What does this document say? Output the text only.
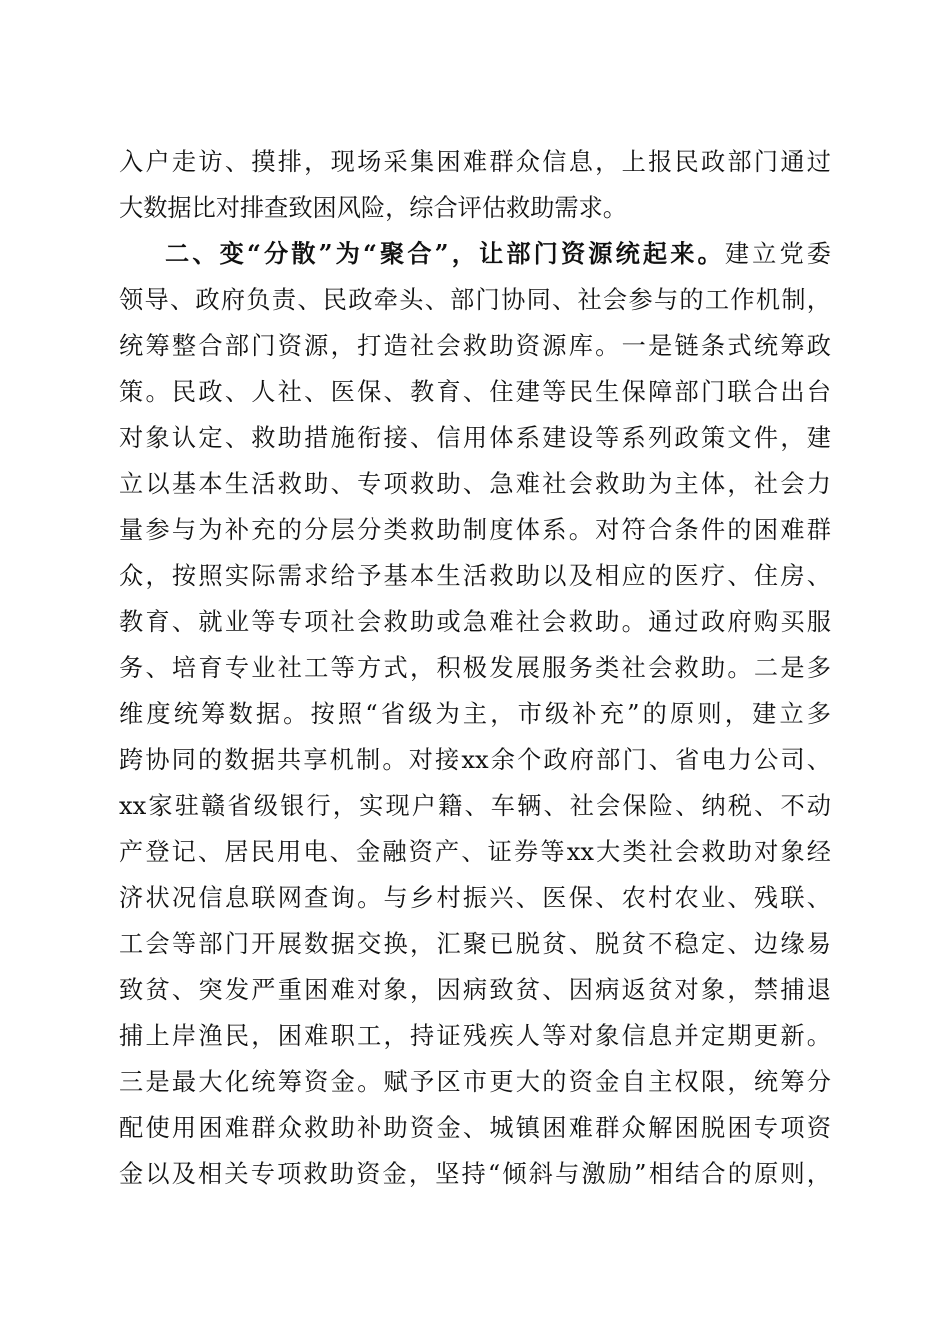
入户走访、摸排，现场采集困难群众信息，上报民政部门通过
大数据比对排查致困风险，综合评估救助需求。
二、变“分散”为“聚合”，让部门资源统起来。建立党委
领导、政府负责、民政牵头、部门协同、社会参与的工作机制，
统筹整合部门资源，打造社会救助资源库。一是链条式统筹政
策。民政、人社、医保、教育、住建等民生保障部门联合出台
对象认定、救助措施衔接、信用体系建设等系列政策文件，建
立以基本生活救助、专项救助、急难社会救助为主体，社会力
量参与为补充的分层分类救助制度体系。对符合条件的困难群
众，按照实际需求给予基本生活救助以及相应的医疗、住房、
教育、就业等专项社会救助或急难社会救助。通过政府购买服
务、培育专业社工等方式，积极发展服务类社会救助。二是多
维度统筹数据。按照“省级为主，市级补充”的原则，建立多
跨协同的数据共享机制。对接xx余个政府部门、省电力公司、
xx家驻赣省级银行，实现户籍、车辆、社会保险、纳税、不动
产登记、居民用电、金融资产、证券等xx大类社会救助对象经
济状况信息联网查询。与乡村振兴、医保、农村农业、残联、
工会等部门开展数据交换，汇聚已脱贫、脱贫不稳定、边缘易
致贫、突发严重困难对象，因病致贫、因病返贫对象，禁捕退
捕上岸渔民，困难职工，持证残疾人等对象信息并定期更新。
三是最大化统筹资金。赋予区市更大的资金自主权限，统筹分
配使用困难群众救助补助资金、城镇困难群众解困脱困专项资
金以及相关专项救助资金，坚持“倾斜与激励”相结合的原则，
